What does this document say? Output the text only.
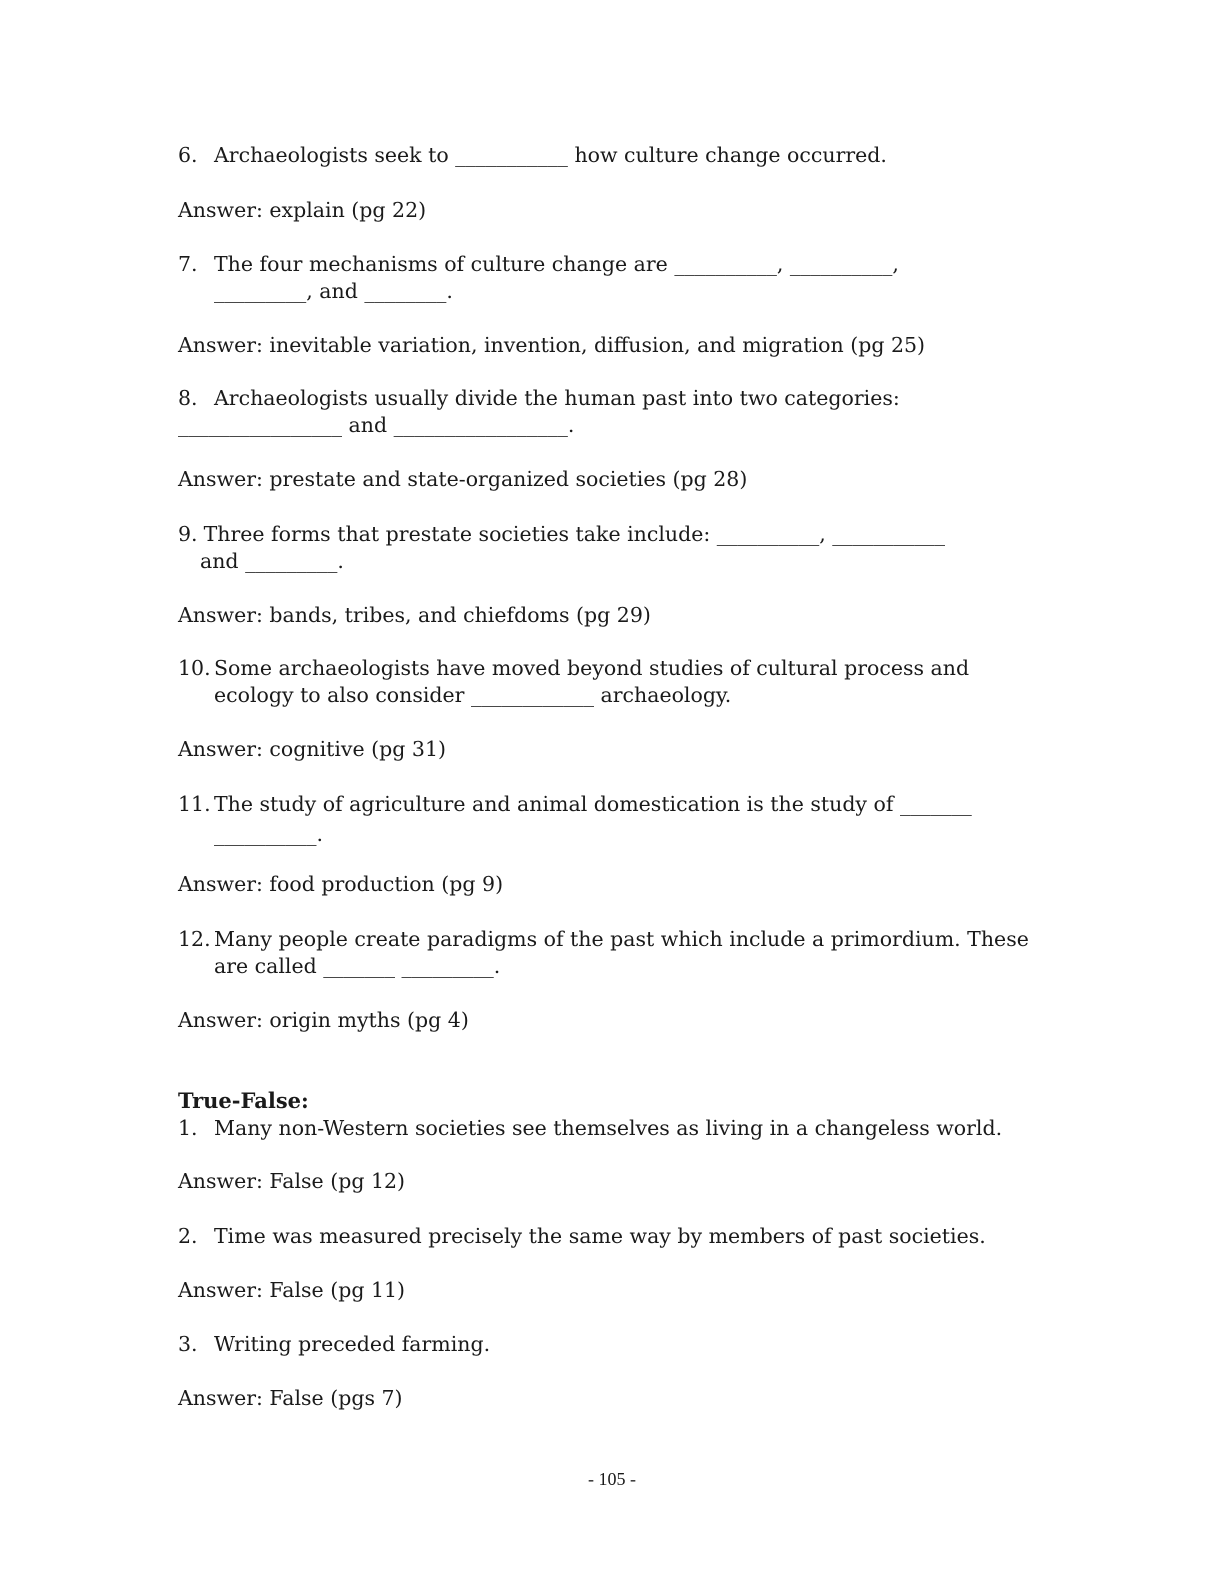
6. Archaeologists seek to ___________ how culture change occurred.
Answer: explain (pg 22)
7. The four mechanisms of culture change are __________, __________,
_________, and ________.
Answer: inevitable variation, invention, diffusion, and migration (pg 25)
8. Archaeologists usually divide the human past into two categories:
________________ and _________________.
Answer: prestate and state-organized societies (pg 28)
9. Three forms that prestate societies take include: __________, ___________
and _________.
Answer: bands, tribes, and chiefdoms (pg 29)
10. Some archaeologists have moved beyond studies of cultural process and
ecology to also consider ____________ archaeology.
Answer: cognitive (pg 31)
11. The study of agriculture and animal domestication is the study of _______
__________.
Answer: food production (pg 9)
12. Many people create paradigms of the past which include a primordium. These
are called _______ _________.
Answer: origin myths (pg 4)
True-False:
1. Many non-Western societies see themselves as living in a changeless world.
Answer: False (pg 12)
2. Time was measured precisely the same way by members of past societies.
Answer: False (pg 11)
3. Writing preceded farming.
Answer: False (pgs 7)
- 105 -
